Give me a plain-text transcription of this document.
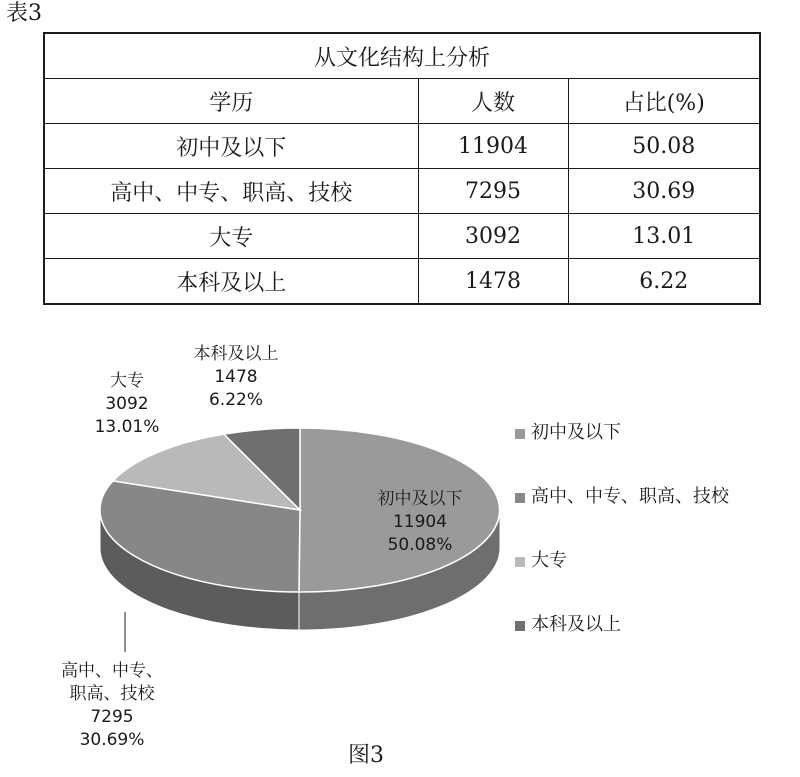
表3
从文化结构上分析		
学历	人数	占比(%)
初中及以下	11904	50.08
高中、中专、职高、技校	7295	30.69
大专	3092	13.01
本科及以上	1478	6.22
初中及以下
11904
50.08%
高中、中专、
职高、技校
7295
30.69%
大专
3092
13.01%
本科及以上
1478
6.22%
初中及以下
高中、中专、职高、技校
大专
本科及以上
图3
